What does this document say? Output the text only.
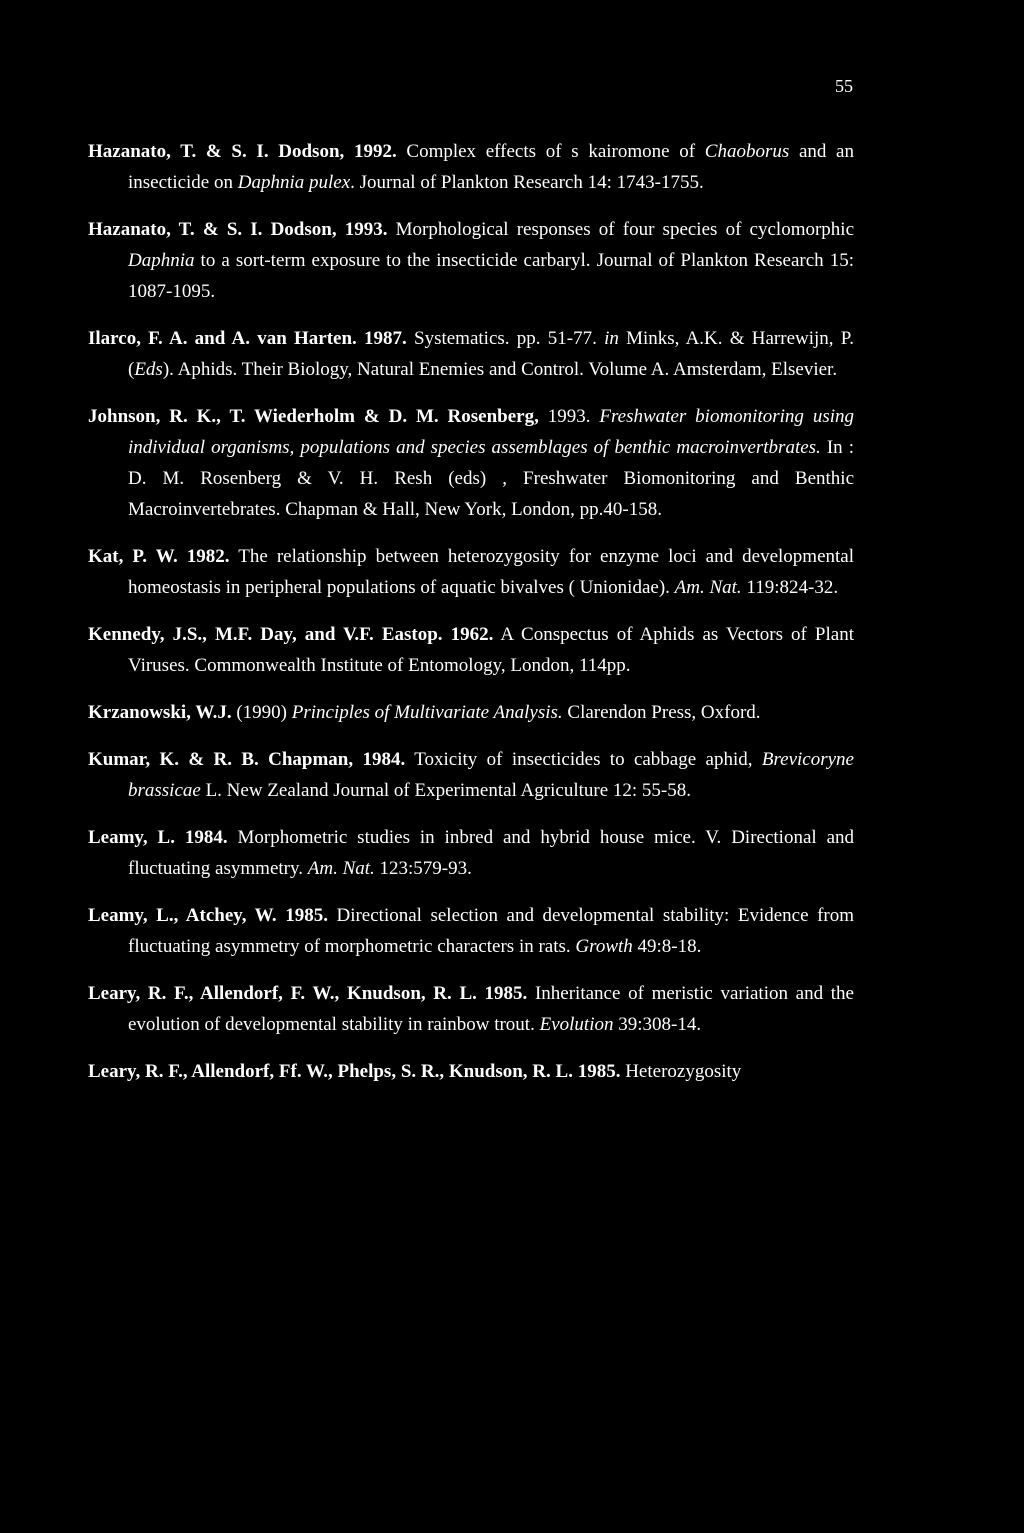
55
Hazanato, T. & S. I. Dodson, 1992. Complex effects of s kairomone of Chaoborus and an insecticide on Daphnia pulex. Journal of Plankton Research 14: 1743-1755.
Hazanato, T. & S. I. Dodson, 1993. Morphological responses of four species of cyclomorphic Daphnia to a sort-term exposure to the insecticide carbaryl. Journal of Plankton Research 15: 1087-1095.
Ilarco, F. A. and A. van Harten. 1987. Systematics. pp. 51-77. in Minks, A.K. & Harrewijn, P. (Eds). Aphids. Their Biology, Natural Enemies and Control. Volume A. Amsterdam, Elsevier.
Johnson, R. K., T. Wiederholm & D. M. Rosenberg, 1993. Freshwater biomonitoring using individual organisms, populations and species assemblages of benthic macroinvertbrates. In : D. M. Rosenberg & V. H. Resh (eds) , Freshwater Biomonitoring and Benthic Macroinvertebrates. Chapman & Hall, New York, London, pp.40-158.
Kat, P. W. 1982. The relationship between heterozygosity for enzyme loci and developmental homeostasis in peripheral populations of aquatic bivalves ( Unionidae). Am. Nat. 119:824-32.
Kennedy, J.S., M.F. Day, and V.F. Eastop. 1962. A Conspectus of Aphids as Vectors of Plant Viruses. Commonwealth Institute of Entomology, London, 114pp.
Krzanowski, W.J. (1990) Principles of Multivariate Analysis. Clarendon Press, Oxford.
Kumar, K. & R. B. Chapman, 1984. Toxicity of insecticides to cabbage aphid, Brevicoryne brassicae L. New Zealand Journal of Experimental Agriculture 12: 55-58.
Leamy, L. 1984. Morphometric studies in inbred and hybrid house mice. V. Directional and fluctuating asymmetry. Am. Nat. 123:579-93.
Leamy, L., Atchey, W. 1985. Directional selection and developmental stability: Evidence from fluctuating asymmetry of morphometric characters in rats. Growth 49:8-18.
Leary, R. F., Allendorf, F. W., Knudson, R. L. 1985. Inheritance of meristic variation and the evolution of developmental stability in rainbow trout. Evolution 39:308-14.
Leary, R. F., Allendorf, Ff. W., Phelps, S. R., Knudson, R. L. 1985. Heterozygosity
